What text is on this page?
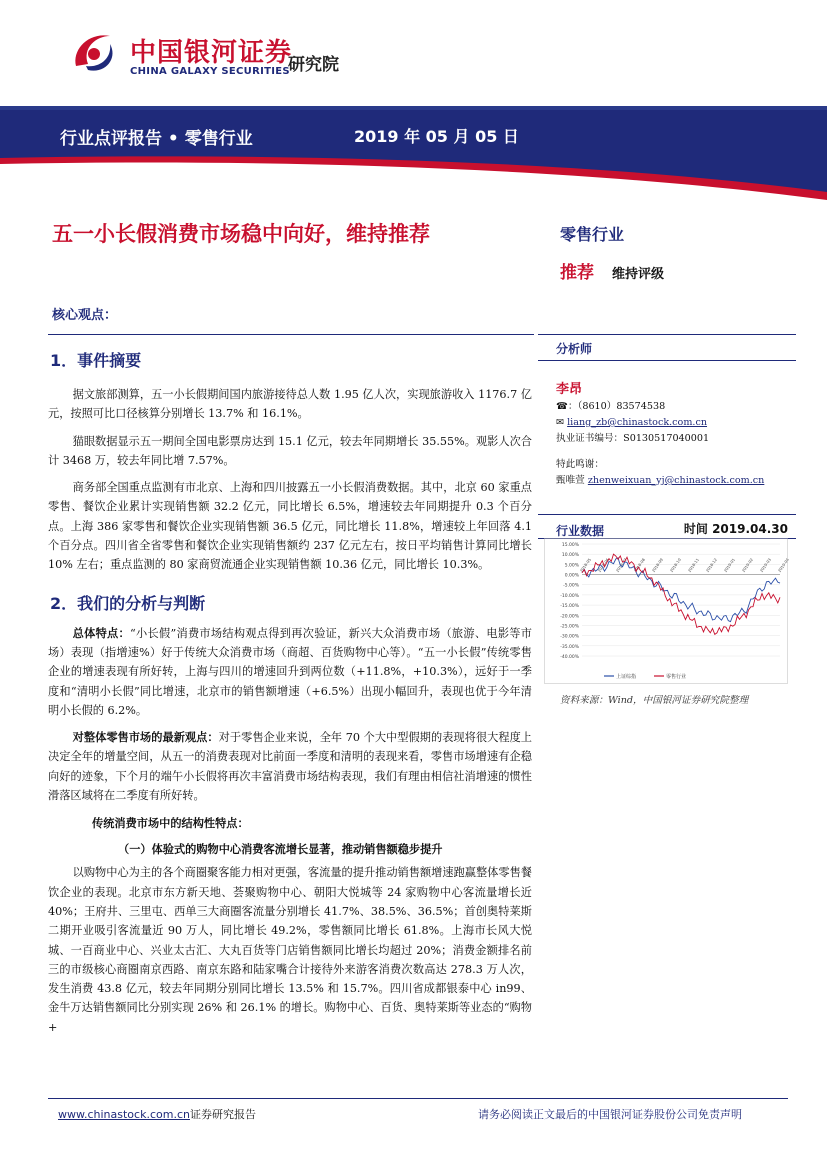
中国银河证券
CHINA GALAXY SECURITIES
研究院
行业点评报告 • 零售行业	2019 年 05 月 05 日
五一小长假消费市场稳中向好，维持推荐	零售行业
推荐 维持评级
核心观点：
1．事件摘要

据文旅部测算，五一小长假期间国内旅游接待总人数 1.95 亿人次，实现旅游收入 1176.7 亿元，按照可比口径核算分别增长 13.7% 和 16.1%。

猫眼数据显示五一期间全国电影票房达到 15.1 亿元，较去年同期增长 35.55%。观影人次合计 3468 万，较去年同比增 7.57%。

商务部全国重点监测有市北京、上海和四川披露五一小长假消费数据。其中，北京 60 家重点零售、餐饮企业累计实现销售额 32.2 亿元，同比增长 6.5%，增速较去年同期提升 0.3 个百分点。上海 386 家零售和餐饮企业实现销售额 36.5 亿元，同比增长 11.8%，增速较上年回落 4.1 个百分点。四川省全省零售和餐饮企业实现销售额约 237 亿元左右，按日平均销售计算同比增长 10% 左右；重点监测的 80 家商贸流通企业实现销售额 10.36 亿元，同比增长 10.3%。

2．我们的分析与判断

总体特点：“小长假”消费市场结构观点得到再次验证，新兴大众消费市场（旅游、电影等市场）表现（指增速%）好于传统大众消费市场（商超、百货购物中心等）。“五一小长假”传统零售企业的增速表现有所好转，上海与四川的增速回升到两位数（+11.8%，+10.3%），远好于一季度和“清明小长假”同比增速，北京市的销售额增速（+6.5%）出现小幅回升，表现也优于今年清明小长假的 6.2%。

对整体零售市场的最新观点：对于零售企业来说，全年 70 个大中型假期的表现将很大程度上决定全年的增量空间，从五一的消费表现对比前面一季度和清明的表现来看，零售市场增速有企稳向好的迹象，下个月的端午小长假将再次丰富消费市场结构表现，我们有理由相信社消增速的惯性滑落区域将在二季度有所好转。

传统消费市场中的结构性特点：
（一）体验式的购物中心消费客流增长显著，推动销售额稳步提升

以购物中心为主的各个商圈聚客能力相对更强，客流量的提升推动销售额增速跑赢整体零售餐饮企业的表现。北京市东方新天地、荟聚购物中心、朝阳大悦城等 24 家购物中心客流量增长近 40%；王府井、三里屯、西单三大商圈客流量分别增长 41.7%、38.5%、36.5%；首创奥特莱斯二期开业吸引客流量近 90 万人，同比增长 49.2%，零售额同比增长 61.8%。上海市长风大悦城、一百商业中心、兴业太古汇、大丸百货等门店销售额同比增长均超过 20%；消费金额排名前三的市级核心商圈南京西路、南京东路和陆家嘴合计接待外来游客消费次数高达 278.3 万人次，发生消费 43.8 亿元，较去年同期分别同比增长 13.5% 和 15.7%。四川省成都银泰中心 in99、金牛万达销售额同比分别实现 26% 和 26.1% 的增长。购物中心、百货、奥特莱斯等业态的“购物+

分析师
李昂
☎：（8610）83574538
✉ liang_zb@chinastock.com.cn
执业证书编号：S0130517040001
特此鸣谢：
甄唯萱 zhenweixuan_yj@chinastock.com.cn
行业数据	时间 2019.04.30
15.00%
10.00%
5.00%
0.00%
-5.00%
-10.00%
-15.00%
-20.00%
-25.00%
-30.00%
-35.00%
-40.00%
2018-05 2018-06 2018-07 2018-08 2018-09 2018-10 2018-11 2018-12 2019-01 2019-02 2019-03 2019-04
上证综指	零售行业
资料来源：Wind，中国银河证券研究院整理
www.chinastock.com.cn证券研究报告	请务必阅读正文最后的中国银河证券股份公司免责声明
